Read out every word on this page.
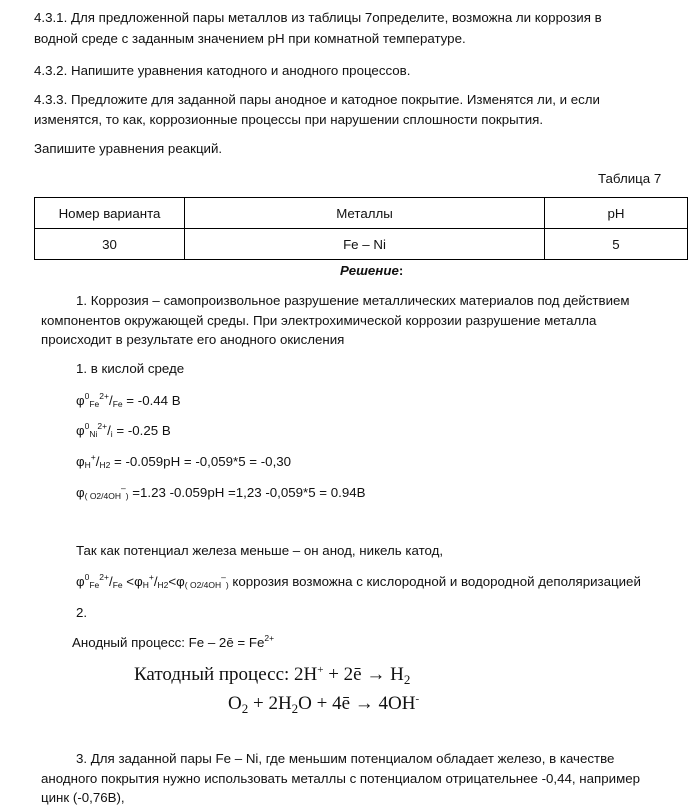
4.3.1. Для предложенной пары металлов из таблицы 7определите, возможна ли коррозия в
водной среде с заданным значением рН при комнатной температуре.
4.3.2. Напишите уравнения катодного и анодного процессов.
4.3.3. Предложите для заданной пары анодное и катодное покрытие. Изменятся ли, и если
изменятся, то как, коррозионные процессы при нарушении сплошности покрытия.
Запишите уравнения реакций.
Таблица 7
Номер варианта	Металлы	рН
30	Fe – Ni	5
Решение:
1. Коррозия – самопроизвольное разрушение металлических материалов под действием
компонентов окружающей среды. При электрохимической коррозии разрушение металла
происходит в результате его анодного окисления
1. в кислой среде
$\varphi^0_{Fe}^{2+}/_{Fe} = -0.44$ В
$\varphi^0_{Ni}^{2+}/_i = -0.25$ В
$\varphi_H^+/_{H2} = -0.059рН = -0,059*5 = -0,30$
$\varphi_{( O2/4OH}^-_) =1.23$ -0.059рН =1,23 -0,059*5 = 0.94В
Так как потенциал железа меньше – он анод, никель катод,
$\varphi^0_{Fe}^{2+}/_{Fe} <\varphi_H^+/_{H2}<\varphi_{( O2/4OH}^-_)$ коррозия возможна с кислородной и водородной деполяризацией
2.
Анодный процесс: Fe – 2ē = $Fe^{2+}$
Катодный процесс: 2H+ + 2ē → $H_2$
$O_2 + 2H_2O$ + 4ē → 4OH-
3. Для заданной пары Fe – Ni, где меньшим потенциалом обладает железо, в качестве
анодного покрытия нужно использовать металлы с потенциалом отрицательнее -0,44, например
цинк (-0,76В),
